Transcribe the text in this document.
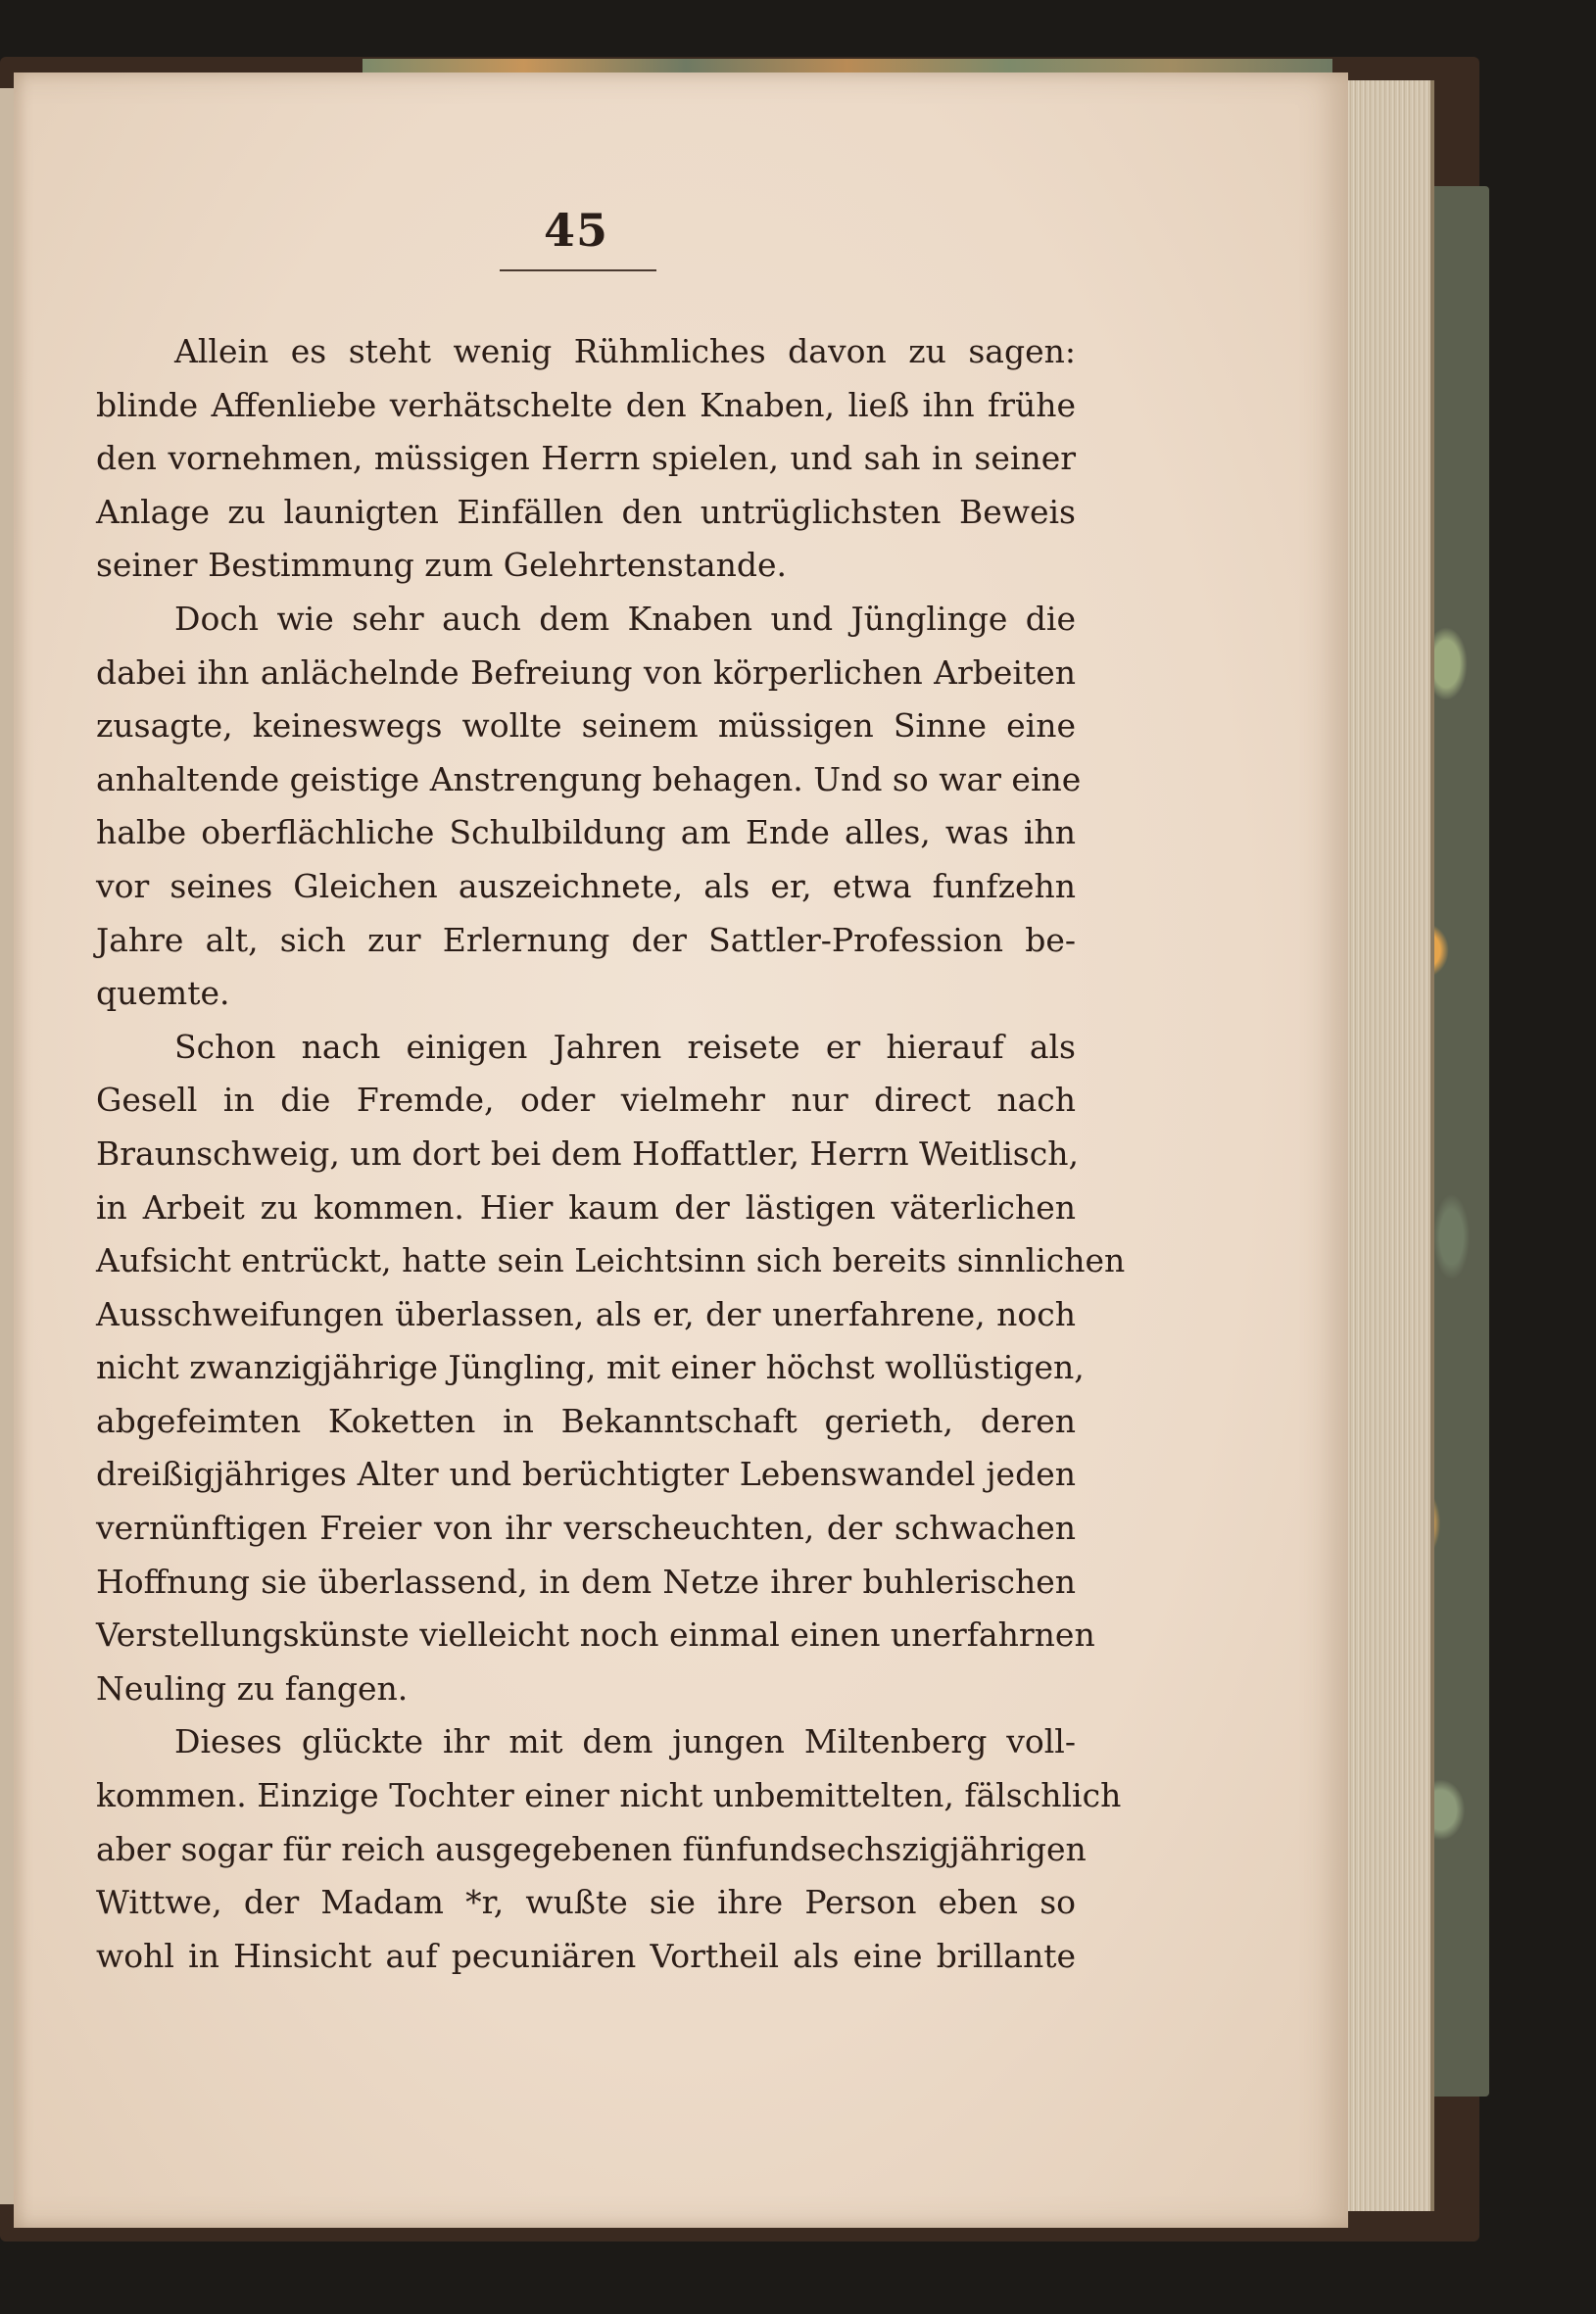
45
Allein es steht wenig Rühmliches davon zu sagen:
blinde Affenliebe verhätschelte den Knaben, ließ ihn frühe
den vornehmen, müssigen Herrn spielen, und sah in seiner
Anlage zu launigten Einfällen den untrüglichsten Beweis
seiner Bestimmung zum Gelehrtenstande.
Doch wie sehr auch dem Knaben und Jünglinge die
dabei ihn anlächelnde Befreiung von körperlichen Arbeiten
zusagte, keineswegs wollte seinem müssigen Sinne eine
anhaltende geistige Anstrengung behagen. Und so war eine
halbe oberflächliche Schulbildung am Ende alles, was ihn
vor seines Gleichen auszeichnete, als er, etwa funfzehn
Jahre alt, sich zur Erlernung der Sattler-Profession be-
quemte.
Schon nach einigen Jahren reisete er hierauf als
Gesell in die Fremde, oder vielmehr nur direct nach
Braunschweig, um dort bei dem Hoffattler, Herrn Weitlisch,
in Arbeit zu kommen. Hier kaum der lästigen väterlichen
Aufsicht entrückt, hatte sein Leichtsinn sich bereits sinnlichen
Ausschweifungen überlassen, als er, der unerfahrene, noch
nicht zwanzigjährige Jüngling, mit einer höchst wollüstigen,
abgefeimten Koketten in Bekanntschaft gerieth, deren
dreißigjähriges Alter und berüchtigter Lebenswandel jeden
vernünftigen Freier von ihr verscheuchten, der schwachen
Hoffnung sie überlassend, in dem Netze ihrer buhlerischen
Verstellungskünste vielleicht noch einmal einen unerfahrnen
Neuling zu fangen.
Dieses glückte ihr mit dem jungen Miltenberg voll-
kommen. Einzige Tochter einer nicht unbemittelten, fälschlich
aber sogar für reich ausgegebenen fünfundsechszigjährigen
Wittwe, der Madam *r, wußte sie ihre Person eben so
wohl in Hinsicht auf pecuniären Vortheil als eine brillante
